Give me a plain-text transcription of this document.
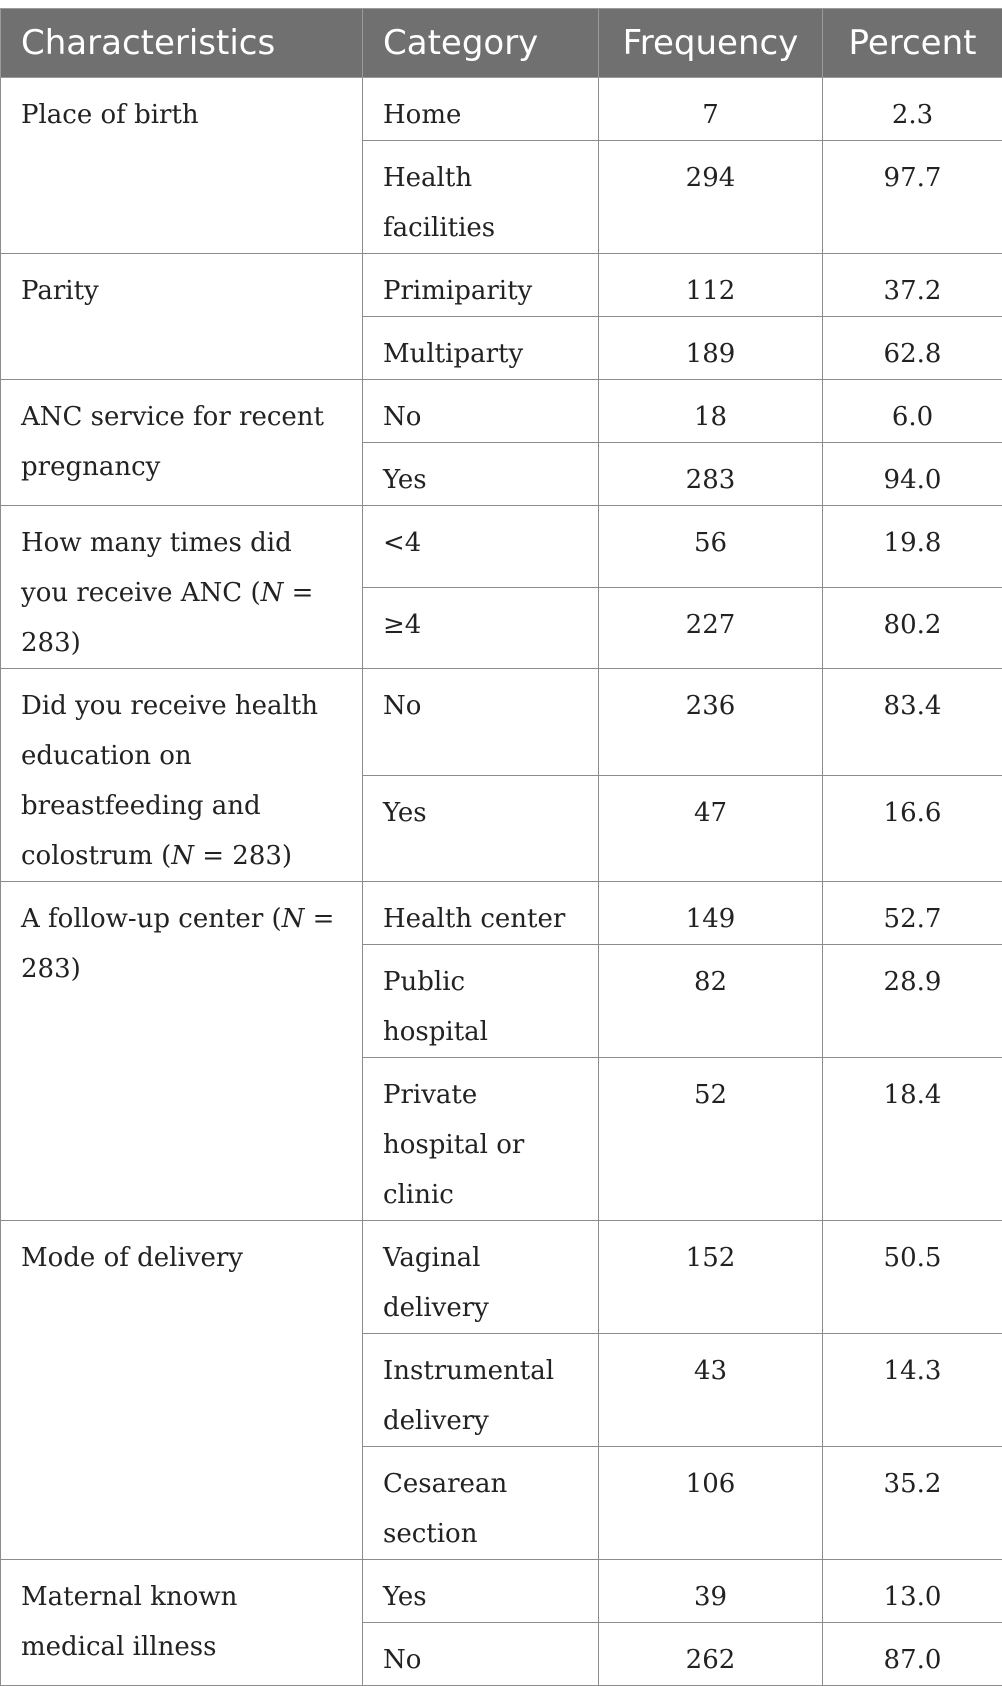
Characteristics	Category	Frequency	Percent
Place of birth	Home	7	2.3
	Health facilities	294	97.7
Parity	Primiparity	112	37.2
	Multiparty	189	62.8
ANC service for recent pregnancy	No	18	6.0
	Yes	283	94.0
How many times did you receive ANC (N = 283)	<4	56	19.8
	≥4	227	80.2
Did you receive health education on breastfeeding and colostrum (N = 283)	No	236	83.4
	Yes	47	16.6
A follow-up center (N = 283)	Health center	149	52.7
	Public hospital	82	28.9
	Private hospital or clinic	52	18.4
Mode of delivery	Vaginal delivery	152	50.5
	Instrumental delivery	43	14.3
	Cesarean section	106	35.2
Maternal known medical illness	Yes	39	13.0
	No	262	87.0
